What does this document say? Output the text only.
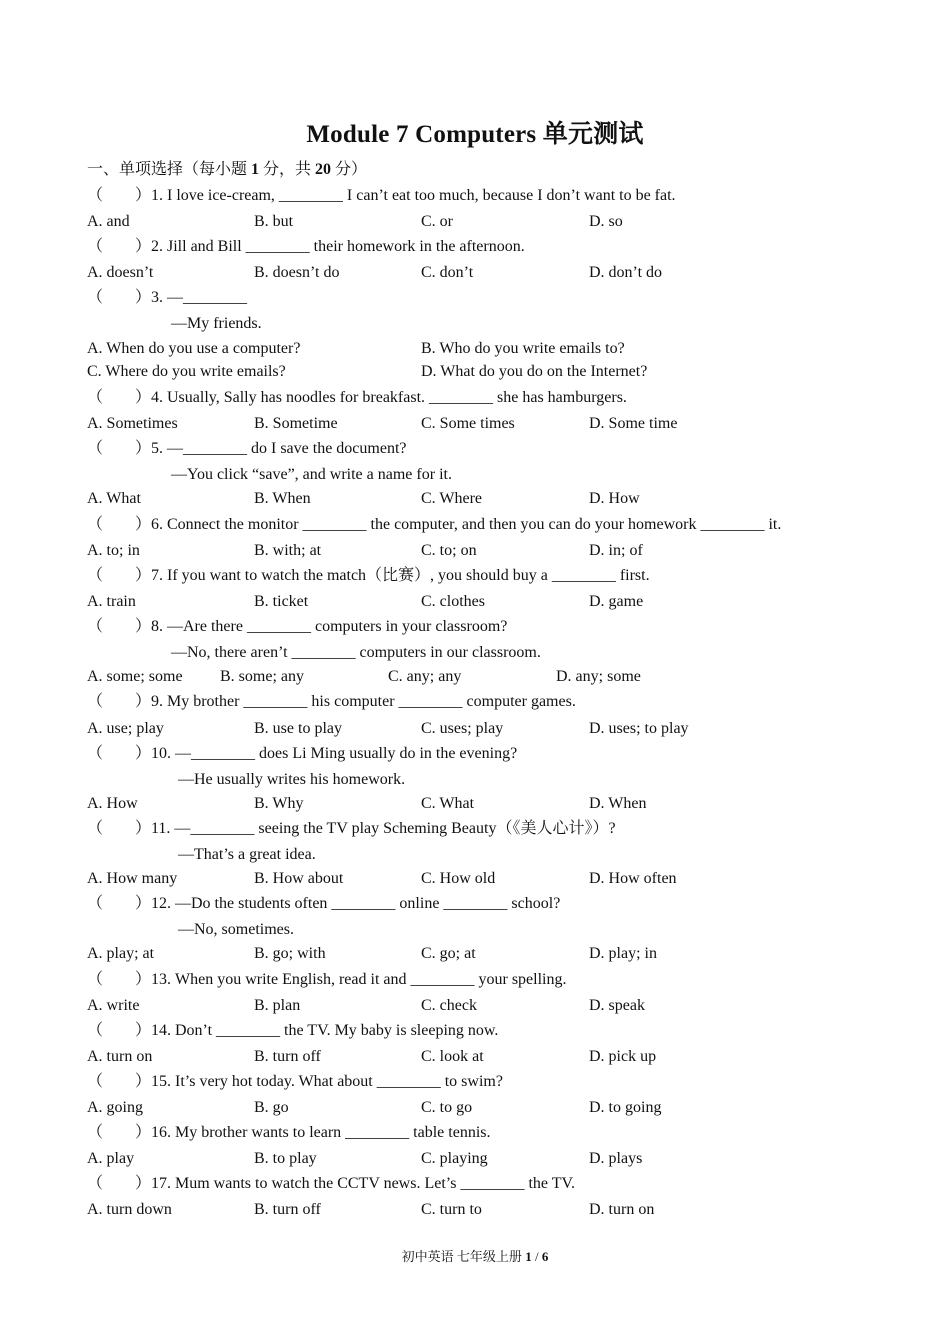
Module 7 Computers 单元测试
一、单项选择（每小题 1 分，共 20 分）
（　　）1. I love ice-cream, ________ I can’t eat too much, because I don’t want to be fat.
A. and	B. but	C. or	D. so
（　　）2. Jill and Bill ________ their homework in the afternoon.
A. doesn’t	B. doesn’t do	C. don’t	D. don’t do
（　　）3. —________
—My friends.
A. When do you use a computer?	B. Who do you write emails to?
C. Where do you write emails?	D. What do you do on the Internet?
（　　）4. Usually, Sally has noodles for breakfast. ________ she has hamburgers.
A. Sometimes	B. Sometime	C. Some times	D. Some time
（　　）5. —________ do I save the document?
—You click “save”, and write a name for it.
A. What	B. When	C. Where	D. How
（　　）6. Connect the monitor ________ the computer, and then you can do your homework ________ it.
A. to; in	B. with; at	C. to; on	D. in; of
（　　）7. If you want to watch the match（比赛）, you should buy a ________ first.
A. train	B. ticket	C. clothes	D. game
（　　）8. —Are there ________ computers in your classroom?
—No, there aren’t ________ computers in our classroom.
A. some; some B. some; any	C. any; any	D. any; some
（　　）9. My brother ________ his computer ________ computer games.
A. use; play	B. use to play	C. uses; play	D. uses; to play
（　　）10. —________ does Li Ming usually do in the evening?
—He usually writes his homework.
A. How	B. Why	C. What	D. When
（　　）11. —________ seeing the TV play Scheming Beauty（《美人心计》）?
—That’s a great idea.
A. How many	B. How about	C. How old	D. How often
（　　）12. —Do the students often ________ online ________ school?
—No, sometimes.
A. play; at	B. go; with	C. go; at	D. play; in
（　　）13. When you write English, read it and ________ your spelling.
A. write	B. plan	C. check	D. speak
（　　）14. Don’t ________ the TV. My baby is sleeping now.
A. turn on	B. turn off	C. look at	D. pick up
（　　）15. It’s very hot today. What about ________ to swim?
A. going	B. go	C. to go	D. to going
（　　）16. My brother wants to learn ________ table tennis.
A. play	B. to play	C. playing	D. plays
（　　）17. Mum wants to watch the CCTV news. Let’s ________ the TV.
A. turn down	B. turn off	C. turn to	D. turn on
初中英语 七年级上册 1 / 6
